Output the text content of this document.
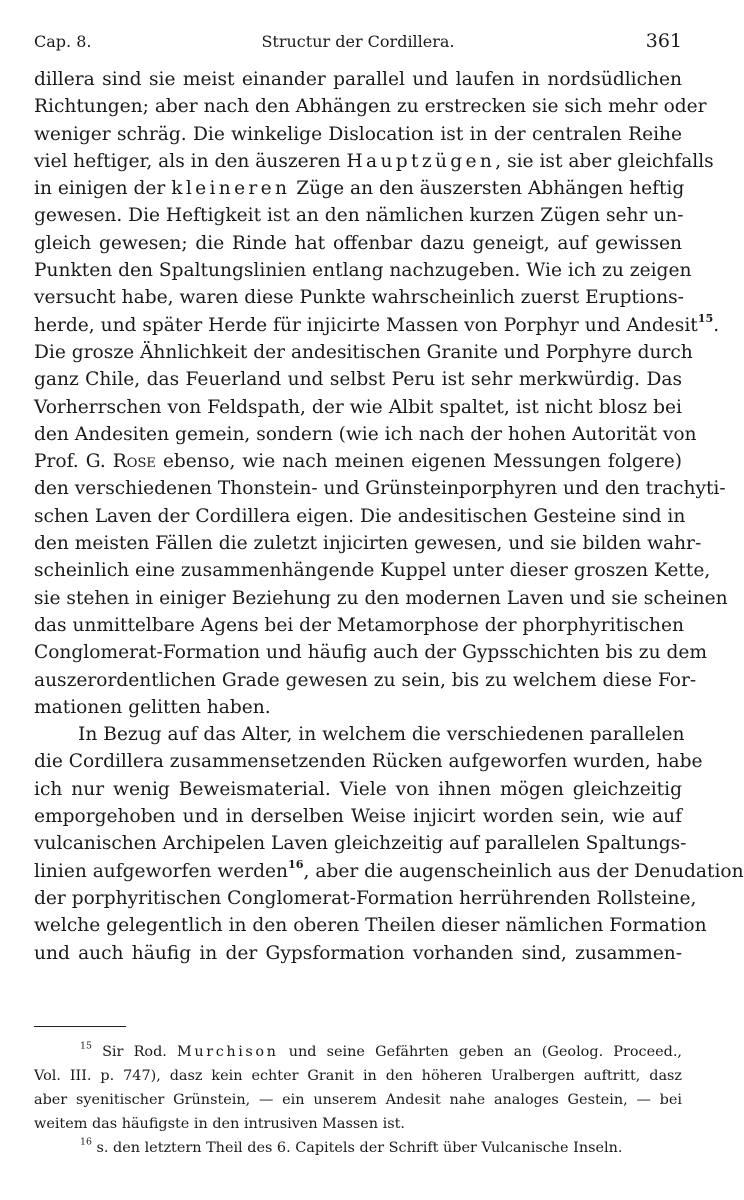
Cap. 8.	Structur der Cordillera.	361
dillera sind sie meist einander parallel und laufen in nordsüdlichen
Richtungen; aber nach den Abhängen zu erstrecken sie sich mehr oder
weniger schräg. Die winkelige Dislocation ist in der centralen Reihe
viel heftiger, als in den äuszeren Hauptzügen, sie ist aber gleichfalls
in einigen der kleineren Züge an den äuszersten Abhängen heftig
gewesen. Die Heftigkeit ist an den nämlichen kurzen Zügen sehr un-
gleich gewesen; die Rinde hat offenbar dazu geneigt, auf gewissen
Punkten den Spaltungslinien entlang nachzugeben. Wie ich zu zeigen
versucht habe, waren diese Punkte wahrscheinlich zuerst Eruptions-
herde, und später Herde für injicirte Massen von Porphyr und Andesit$^{15}$.
Die grosze Ähnlichkeit der andesitischen Granite und Porphyre durch
ganz Chile, das Feuerland und selbst Peru ist sehr merkwürdig. Das
Vorherrschen von Feldspath, der wie Albit spaltet, ist nicht blosz bei
den Andesiten gemein, sondern (wie ich nach der hohen Autorität von
Prof. G. Rose ebenso, wie nach meinen eigenen Messungen folgere)
den verschiedenen Thonstein- und Grünsteinporphyren und den trachyti-
schen Laven der Cordillera eigen. Die andesitischen Gesteine sind in
den meisten Fällen die zuletzt injicirten gewesen, und sie bilden wahr-
scheinlich eine zusammenhängende Kuppel unter dieser groszen Kette,
sie stehen in einiger Beziehung zu den modernen Laven und sie scheinen
das unmittelbare Agens bei der Metamorphose der phorphyritischen
Conglomerat-Formation und häufig auch der Gypsschichten bis zu dem
auszerordentlichen Grade gewesen zu sein, bis zu welchem diese For-
mationen gelitten haben.
In Bezug auf das Alter, in welchem die verschiedenen parallelen
die Cordillera zusammensetzenden Rücken aufgeworfen wurden, habe
ich nur wenig Beweismaterial. Viele von ihnen mögen gleichzeitig
emporgehoben und in derselben Weise injicirt worden sein, wie auf
vulcanischen Archipelen Laven gleichzeitig auf parallelen Spaltungs-
linien aufgeworfen werden$^{16}$, aber die augenscheinlich aus der Denudation
der porphyritischen Conglomerat-Formation herrührenden Rollsteine,
welche gelegentlich in den oberen Theilen dieser nämlichen Formation
und auch häufig in der Gypsformation vorhanden sind, zusammen-
$^{15}$ Sir Rod. Murchison und seine Gefährten geben an (Geolog. Proceed.,
Vol. III. p. 747), dasz kein echter Granit in den höheren Uralbergen auftritt, dasz
aber syenitischer Grünstein, — ein unserem Andesit nahe analoges Gestein, — bei
weitem das häufigste in den intrusiven Massen ist.
$^{16}$ s. den letztern Theil des 6. Capitels der Schrift über Vulcanische Inseln.
